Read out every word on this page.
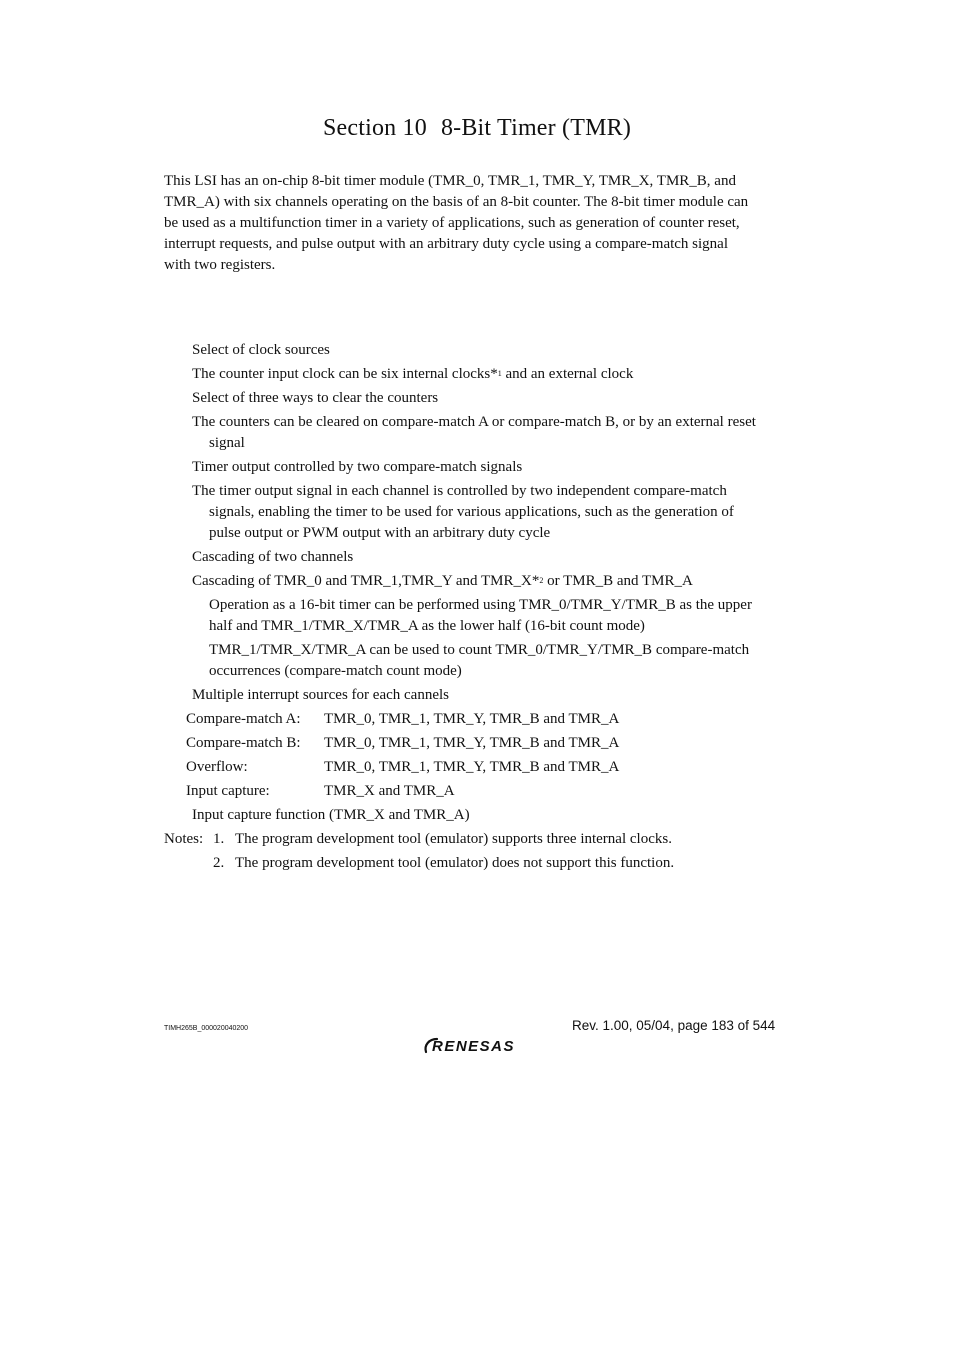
Section 10 8-Bit Timer (TMR)
This LSI has an on-chip 8-bit timer module (TMR_0, TMR_1, TMR_Y, TMR_X, TMR_B, and
TMR_A) with six channels operating on the basis of an 8-bit counter. The 8-bit timer module can
be used as a multifunction timer in a variety of applications, such as generation of counter reset,
interrupt requests, and pulse output with an arbitrary duty cycle using a compare-match signal
with two registers.
Select of clock sources
The counter input clock can be six internal clocks*$^1$ and an external clock
Select of three ways to clear the counters
The counters can be cleared on compare-match A or compare-match B, or by an external reset
signal
Timer output controlled by two compare-match signals
The timer output signal in each channel is controlled by two independent compare-match
signals, enabling the timer to be used for various applications, such as the generation of
pulse output or PWM output with an arbitrary duty cycle
Cascading of two channels
Cascading of TMR_0 and TMR_1,TMR_Y and TMR_X*$^2$ or TMR_B and TMR_A
Operation as a 16-bit timer can be performed using TMR_0/TMR_Y/TMR_B as the upper
half and TMR_1/TMR_X/TMR_A as the lower half (16-bit count mode)
TMR_1/TMR_X/TMR_A can be used to count TMR_0/TMR_Y/TMR_B compare-match
occurrences (compare-match count mode)
Multiple interrupt sources for each cannels
Compare-match A: TMR_0, TMR_1, TMR_Y, TMR_B and TMR_A
Compare-match B: TMR_0, TMR_1, TMR_Y, TMR_B and TMR_A
Overflow:	TMR_0, TMR_1, TMR_Y, TMR_B and TMR_A
Input capture:	TMR_X and TMR_A
Input capture function (TMR_X and TMR_A)
Notes: 1. The program development tool (emulator) supports three internal clocks.
2. The program development tool (emulator) does not support this function.
TIMH265B_000020040200	Rev. 1.00, 05/04, page 183 of 544
RENESAS
